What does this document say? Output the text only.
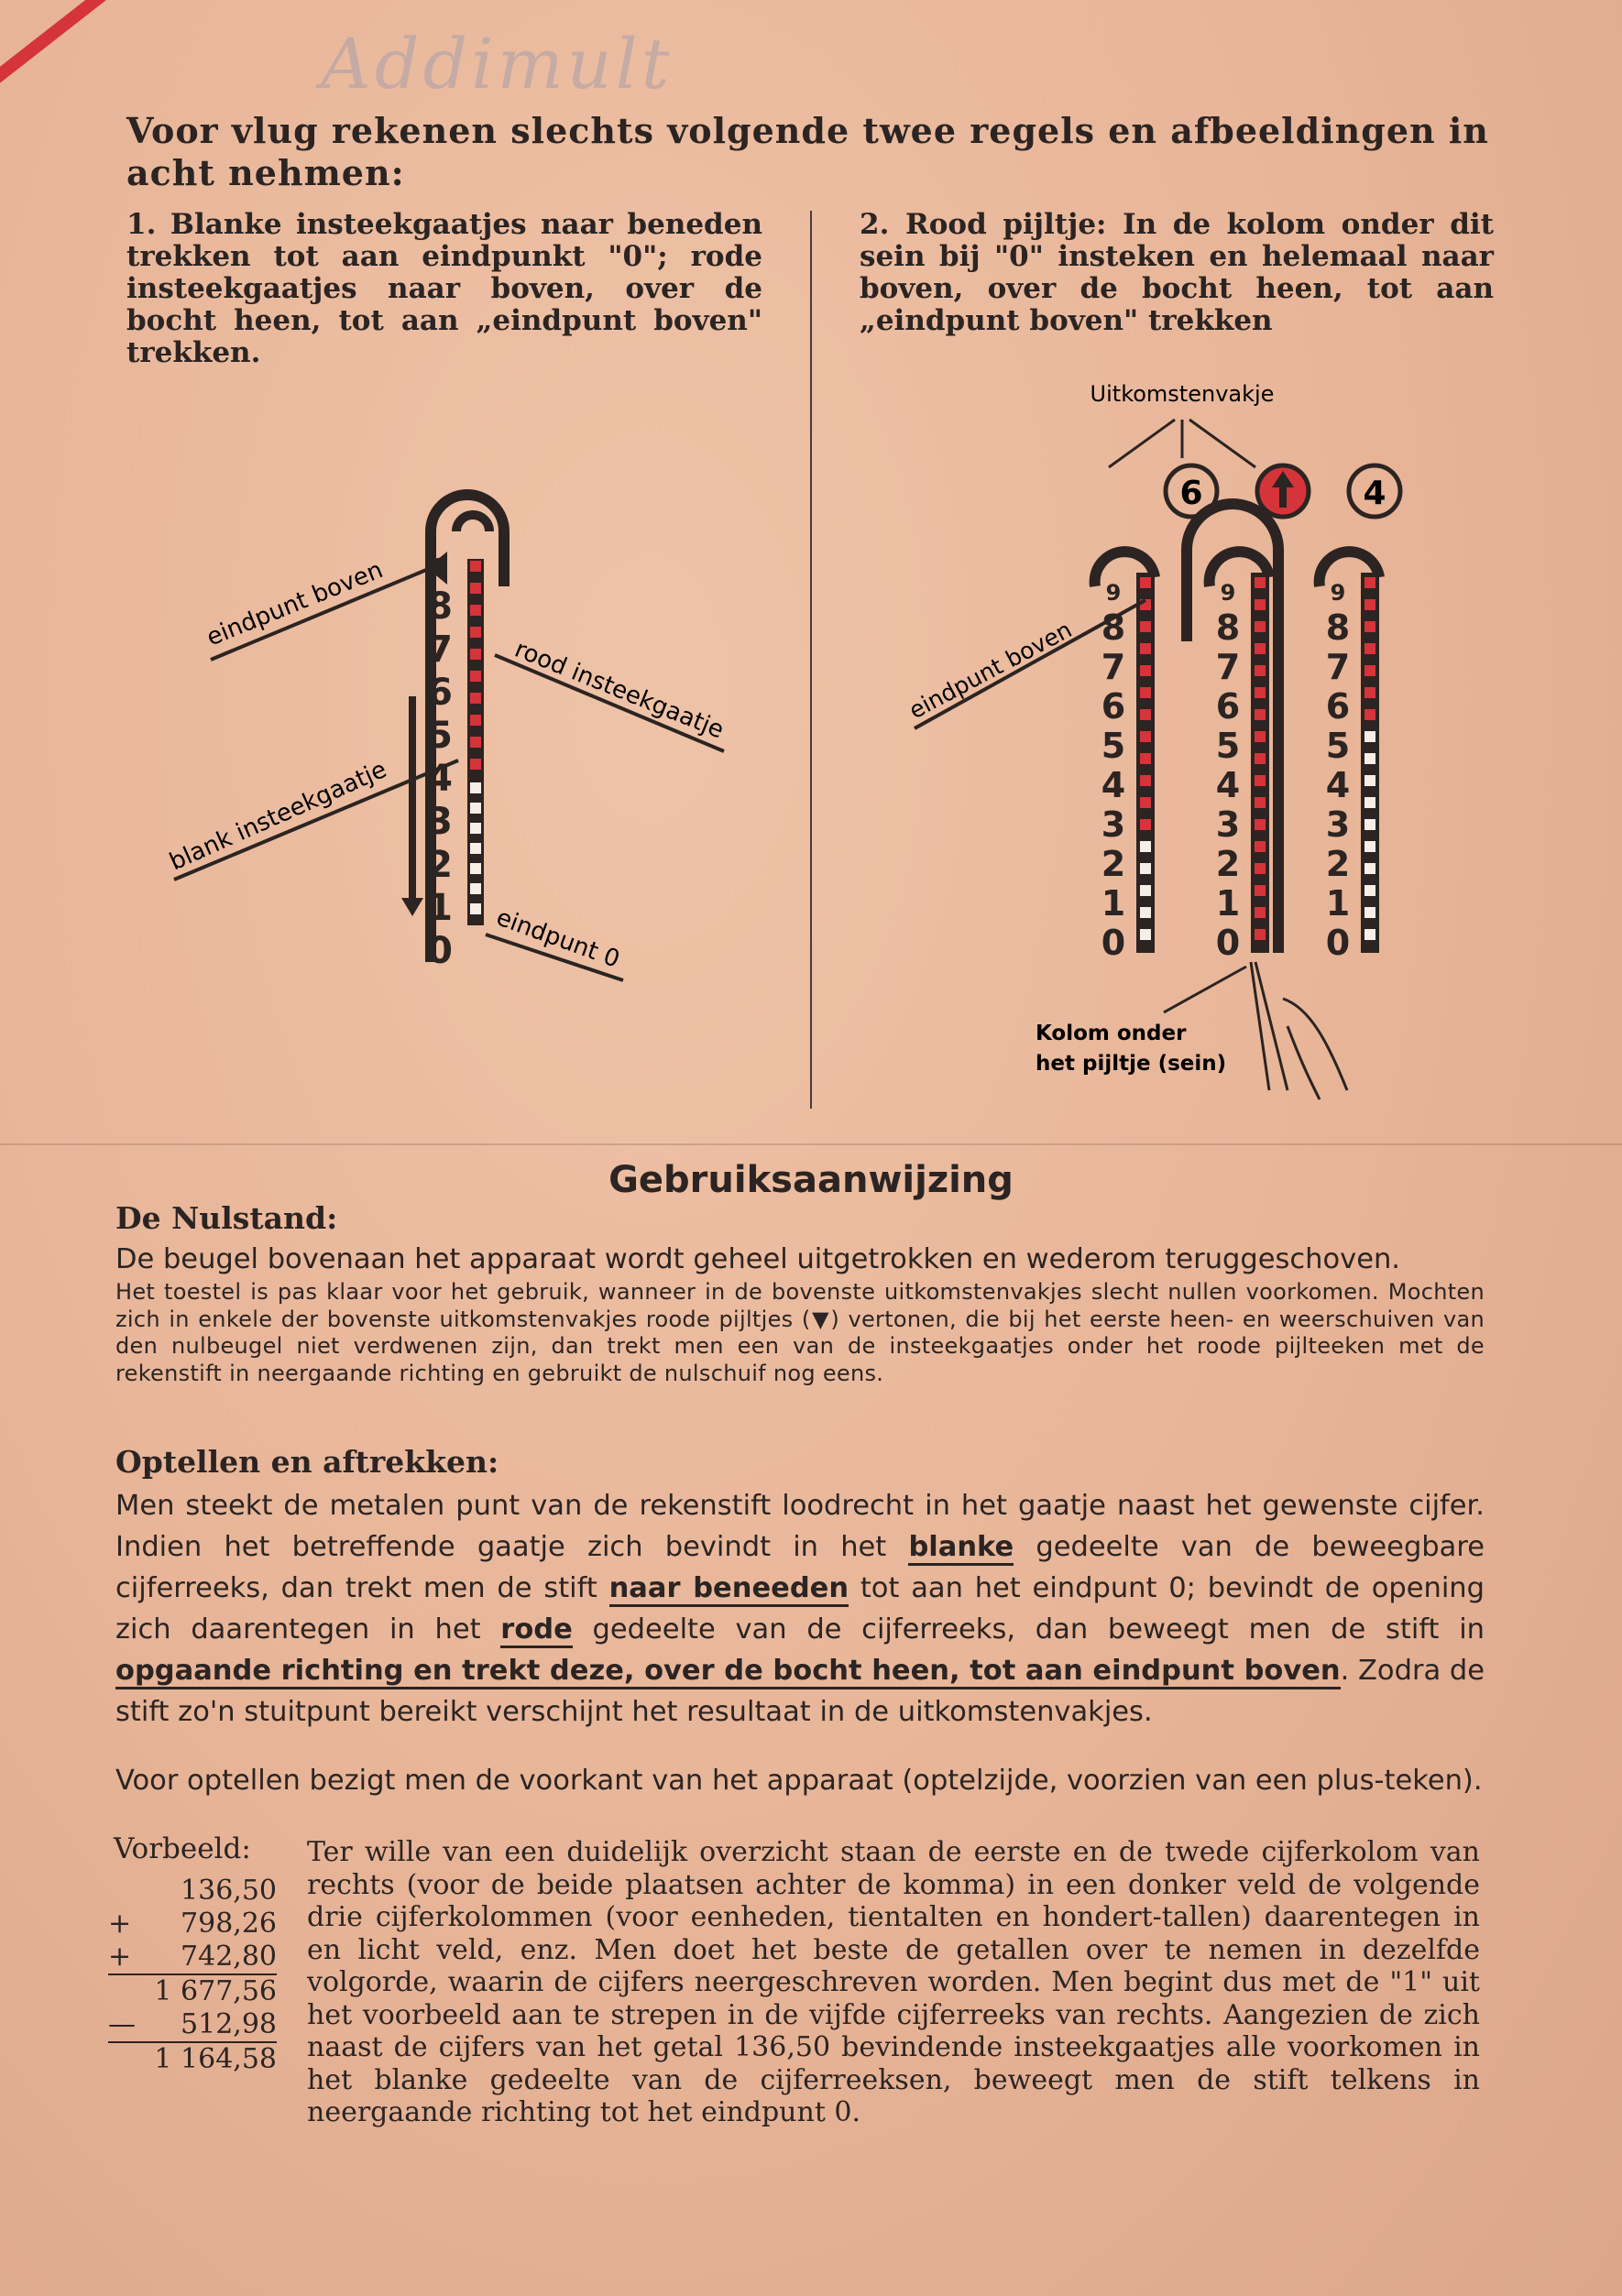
Addimult
Voor vlug rekenen slechts volgende twee regels en afbeeldingen in acht nehmen:
1. Blanke insteekgaatjes naar beneden trekken tot aan eindpunkt "0"; rode insteekgaatjes naar boven, over de bocht heen, tot aan „eindpunt boven" trekken.
2. Rood pijltje: In de kolom onder dit sein bij "0" insteken en helemaal naar boven, over de bocht heen, tot aan „eindpunt boven" trekken
9
8
7
6
5
4
3
2
1
0
eindpunt boven
rood insteekgaatje
blank insteekgaatje
eindpunt 0
Uitkomstenvakje
6	4
9
8
7
6
5
4
3
2
1
0
9
8
7
6
5
4
3
2
1
0
9
8
7
6
5
4
3
2
1
0
eindpunt boven
Kolom onder
het pijltje (sein)
Gebruiksaanwijzing
De Nulstand:
De beugel bovenaan het apparaat wordt geheel uitgetrokken en wederom teruggeschoven.
Het toestel is pas klaar voor het gebruik, wanneer in de bovenste uitkomstenvakjes slecht nullen voorkomen. Mochten zich in enkele der bovenste uitkomstenvakjes roode pijltjes (▼) vertonen, die bij het eerste heen- en weerschuiven van den nulbeugel niet verdwenen zijn, dan trekt men een van de insteekgaatjes onder het roode pijlteeken met de rekenstift in neergaande richting en gebruikt de nulschuif nog eens.
Optellen en aftrekken:
Men steekt de metalen punt van de rekenstift loodrecht in het gaatje naast het gewenste cijfer. Indien het betreffende gaatje zich bevindt in het blanke gedeelte van de beweegbare cijferreeks, dan trekt men de stift naar beneeden tot aan het eindpunt 0; bevindt de opening zich daarentegen in het rode gedeelte van de cijferreeks, dan beweegt men de stift in opgaande richting en trekt deze, over de bocht heen, tot aan eindpunt boven. Zodra de stift zo'n stuitpunt bereikt verschijnt het resultaat in de uitkomstenvakjes.
Voor optellen bezigt men de voorkant van het apparaat (optelzijde, voorzien van een plus-teken).
Vorbeeld:
136,50
+ 798,26
+ 742,80
1 677,56
— 512,98
1 164,58
Ter wille van een duidelijk overzicht staan de eerste en de twede cijferkolom van rechts (voor de beide plaatsen achter de komma) in een donker veld de volgende drie cijferkolommen (voor eenheden, tientalten en hondert-tallen) daarentegen in en licht veld, enz. Men doet het beste de getallen over te nemen in dezelfde volgorde, waarin de cijfers neergeschreven worden. Men begint dus met de "1" uit het voorbeeld aan te strepen in de vijfde cijferreeks van rechts. Aangezien de zich naast de cijfers van het getal 136,50 bevindende insteekgaatjes alle voorkomen in het blanke gedeelte van de cijferreeksen, beweegt men de stift telkens in neergaande richting tot het eindpunt 0.
